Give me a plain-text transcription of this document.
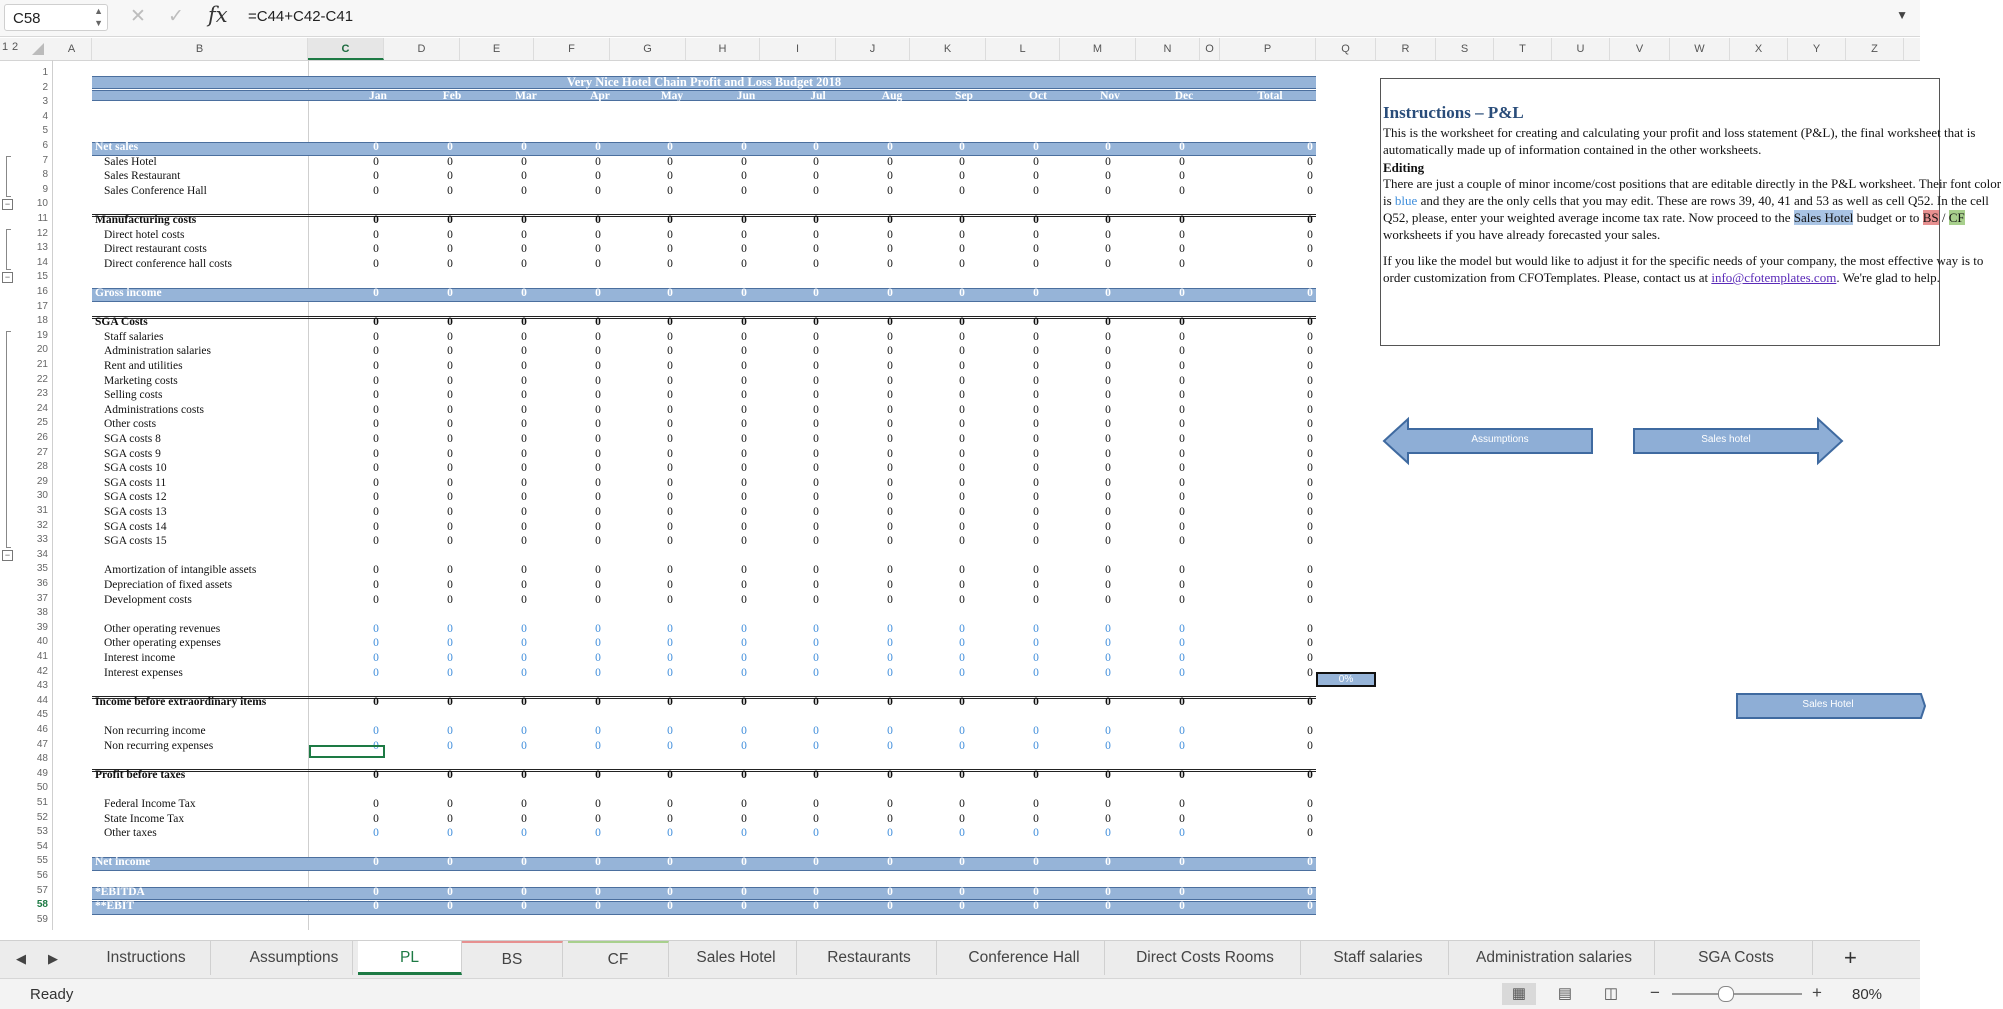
C58	▲
▼ ✕ ✓ fx =C44+C42-C41	▼
1 2	A	B	C	D	E	F	G	H	I	J	K	L	M	N	O	P	Q	R	S	T	U	V	W	X	Y	Z
1
2
3
4
5
6
7
8
9
10
11
12
13
14
15
16
17
18
19
20
21
22
23
24
25
26
27
28
29
30
31
32
33
34
35
36
37
38
39
40
41
42
43
44
45
46
47
48
49
50
51
52
53
54
55
56
57
58
59
−
−
−
Net sales	0	0	0	0	0	0	0	0	0	0	0	0	0
Sales Hotel	0	0	0	0	0	0	0	0	0	0	0	0	0
Sales Restaurant	0	0	0	0	0	0	0	0	0	0	0	0	0
Sales Conference Hall	0	0	0	0	0	0	0	0	0	0	0	0	0
Manufacturing costs	0	0	0	0	0	0	0	0	0	0	0	0	0
Direct hotel costs	0	0	0	0	0	0	0	0	0	0	0	0	0
Direct restaurant costs	0	0	0	0	0	0	0	0	0	0	0	0	0
Direct conference hall costs	0	0	0	0	0	0	0	0	0	0	0	0	0
Gross income	0	0	0	0	0	0	0	0	0	0	0	0	0
SGA Costs	0	0	0	0	0	0	0	0	0	0	0	0	0
Staff salaries	0	0	0	0	0	0	0	0	0	0	0	0	0
Administration salaries	0	0	0	0	0	0	0	0	0	0	0	0	0
Rent and utilities	0	0	0	0	0	0	0	0	0	0	0	0	0
Marketing costs	0	0	0	0	0	0	0	0	0	0	0	0	0
Selling costs	0	0	0	0	0	0	0	0	0	0	0	0	0
Administrations costs	0	0	0	0	0	0	0	0	0	0	0	0	0
Other costs	0	0	0	0	0	0	0	0	0	0	0	0	0
SGA costs 8	0	0	0	0	0	0	0	0	0	0	0	0	0
SGA costs 9	0	0	0	0	0	0	0	0	0	0	0	0	0
SGA costs 10	0	0	0	0	0	0	0	0	0	0	0	0	0
SGA costs 11	0	0	0	0	0	0	0	0	0	0	0	0	0
SGA costs 12	0	0	0	0	0	0	0	0	0	0	0	0	0
SGA costs 13	0	0	0	0	0	0	0	0	0	0	0	0	0
SGA costs 14	0	0	0	0	0	0	0	0	0	0	0	0	0
SGA costs 15	0	0	0	0	0	0	0	0	0	0	0	0	0
Amortization of intangible assets	0	0	0	0	0	0	0	0	0	0	0	0	0
Depreciation of fixed assets	0	0	0	0	0	0	0	0	0	0	0	0	0
Development costs	0	0	0	0	0	0	0	0	0	0	0	0	0
Other operating revenues	0	0	0	0	0	0	0	0	0	0	0	0	0
Other operating expenses	0	0	0	0	0	0	0	0	0	0	0	0	0
Interest income	0	0	0	0	0	0	0	0	0	0	0	0	0
Interest expenses	0	0	0	0	0	0	0	0	0	0	0	0	0
Income before extraordinary items	0	0	0	0	0	0	0	0	0	0	0	0	0
Non recurring income	0	0	0	0	0	0	0	0	0	0	0	0	0
Non recurring expenses	0	0	0	0	0	0	0	0	0	0	0	0	0
Profit before taxes	0	0	0	0	0	0	0	0	0	0	0	0	0
Federal Income Tax	0	0	0	0	0	0	0	0	0	0	0	0	0
State Income Tax	0	0	0	0	0	0	0	0	0	0	0	0	0
Other taxes	0	0	0	0	0	0	0	0	0	0	0	0	0
Net income	0	0	0	0	0	0	0	0	0	0	0	0	0
*EBITDA	0	0	0	0	0	0	0	0	0	0	0	0	0
**EBIT	0	0	0	0	0	0	0	0	0	0	0	0	0
Very Nice Hotel Chain Profit and Loss Budget 2018
Jan	Feb	Mar	Apr	May	Jun	Jul	Aug	Sep	Oct	Nov	Dec	Total
0%
Instructions – P&L

This is the worksheet for creating and calculating your profit and loss statement (P&L), the final worksheet that is automatically made up of information contained in the other worksheets.

Editing

There are just a couple of minor income/cost positions that are editable directly in the P&L worksheet. Their font color is blue and they are the only cells that you may edit. These are rows 39, 40, 41 and 53 as well as cell Q52. In the cell Q52, please, enter your weighted average income tax rate. Now proceed to the Sales Hotel budget or to BS / CF worksheets if you have already forecasted your sales.

If you like the model but would like to adjust it for the specific needs of your company, the most effective way is to order customization from CFOTemplates. Please, contact us at info@cfotemplates.com. We're glad to help.

Assumptions	Sales hotel
Sales Hotel
◀ ▶	+
Instructions	Assumptions	PL	BS	CF	Sales Hotel	Restaurants	Conference Hall	Direct Costs Rooms	Staff salaries	Administration salaries	SGA Costs
Ready	▦	▤	◫	−	+ 80%
